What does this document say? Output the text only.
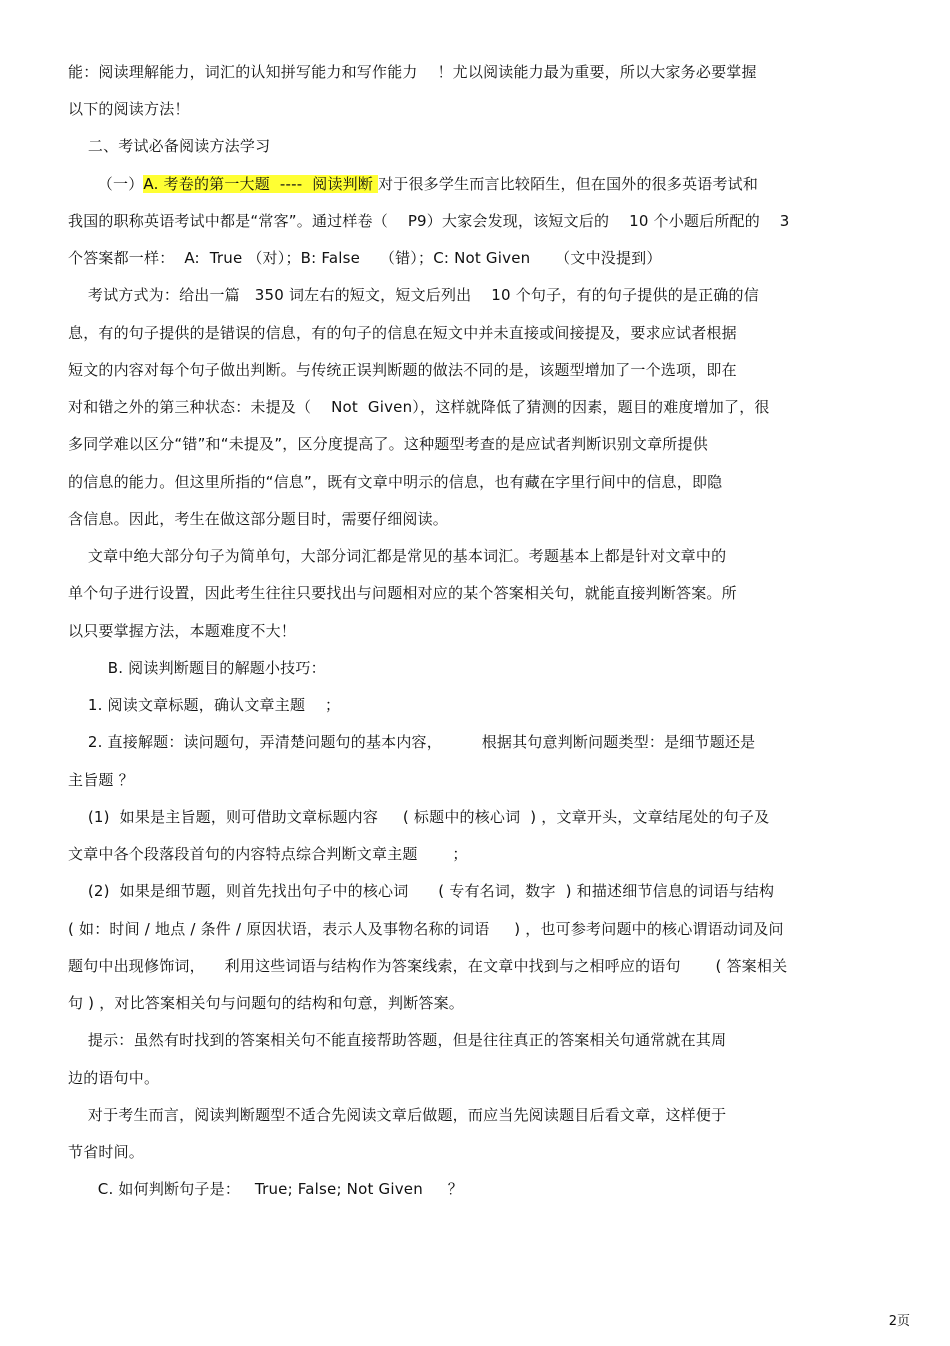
能：阅读理解能力，词汇的认知拼写能力和写作能力    ！尤以阅读能力最为重要，所以大家务必要掌握
以下的阅读方法！
二、考试必备阅读方法学习
（一）A. 考卷的第一大题  ----  阅读判断 对于很多学生而言比较陌生，但在国外的很多英语考试和
我国的职称英语考试中都是“常客”。通过样卷（    P9）大家会发现，该短文后的    10 个小题后所配的    3
个答案都一样：  A:  True （对）；B: False    （错）；C: Not Given     （文中没提到）
考试方式为：给出一篇   350 词左右的短文，短文后列出    10 个句子，有的句子提供的是正确的信
息，有的句子提供的是错误的信息，有的句子的信息在短文中并未直接或间接提及，要求应试者根据
短文的内容对每个句子做出判断。与传统正误判断题的做法不同的是，该题型增加了一个选项，即在
对和错之外的第三种状态：未提及（    Not  Given），这样就降低了猜测的因素，题目的难度增加了，很
多同学难以区分“错”和“未提及”，区分度提高了。这种题型考查的是应试者判断识别文章所提供
的信息的能力。但这里所指的“信息”，既有文章中明示的信息，也有藏在字里行间中的信息，即隐
含信息。因此，考生在做这部分题目时，需要仔细阅读。
文章中绝大部分句子为简单句，大部分词汇都是常见的基本词汇。考题基本上都是针对文章中的
单个句子进行设置，因此考生往往只要找出与问题相对应的某个答案相关句，就能直接判断答案。所
以只要掌握方法，本题难度不大！
B. 阅读判断题目的解题小技巧：
1. 阅读文章标题，确认文章主题    ；
2. 直接解题：读问题句，弄清楚问题句的基本内容，        根据其句意判断问题类型：是细节题还是
主旨题 ？
(1)  如果是主旨题，则可借助文章标题内容     ( 标题中的核心词  ) ，文章开头，文章结尾处的句子及
文章中各个段落段首句的内容特点综合判断文章主题       ；
(2)  如果是细节题，则首先找出句子中的核心词      ( 专有名词，数字  ) 和描述细节信息的词语与结构
( 如：时间 / 地点 / 条件 / 原因状语，表示人及事物名称的词语     ) ，也可参考问题中的核心谓语动词及问
题句中出现修饰词，    利用这些词语与结构作为答案线索，在文章中找到与之相呼应的语句       ( 答案相关
句 ) ，对比答案相关句与问题句的结构和句意，判断答案。
提示：虽然有时找到的答案相关句不能直接帮助答题，但是往往真正的答案相关句通常就在其周
边的语句中。
对于考生而言，阅读判断题型不适合先阅读文章后做题，而应当先阅读题目后看文章，这样便于
节省时间。
C. 如何判断句子是：   True; False; Not Given     ？
2页
